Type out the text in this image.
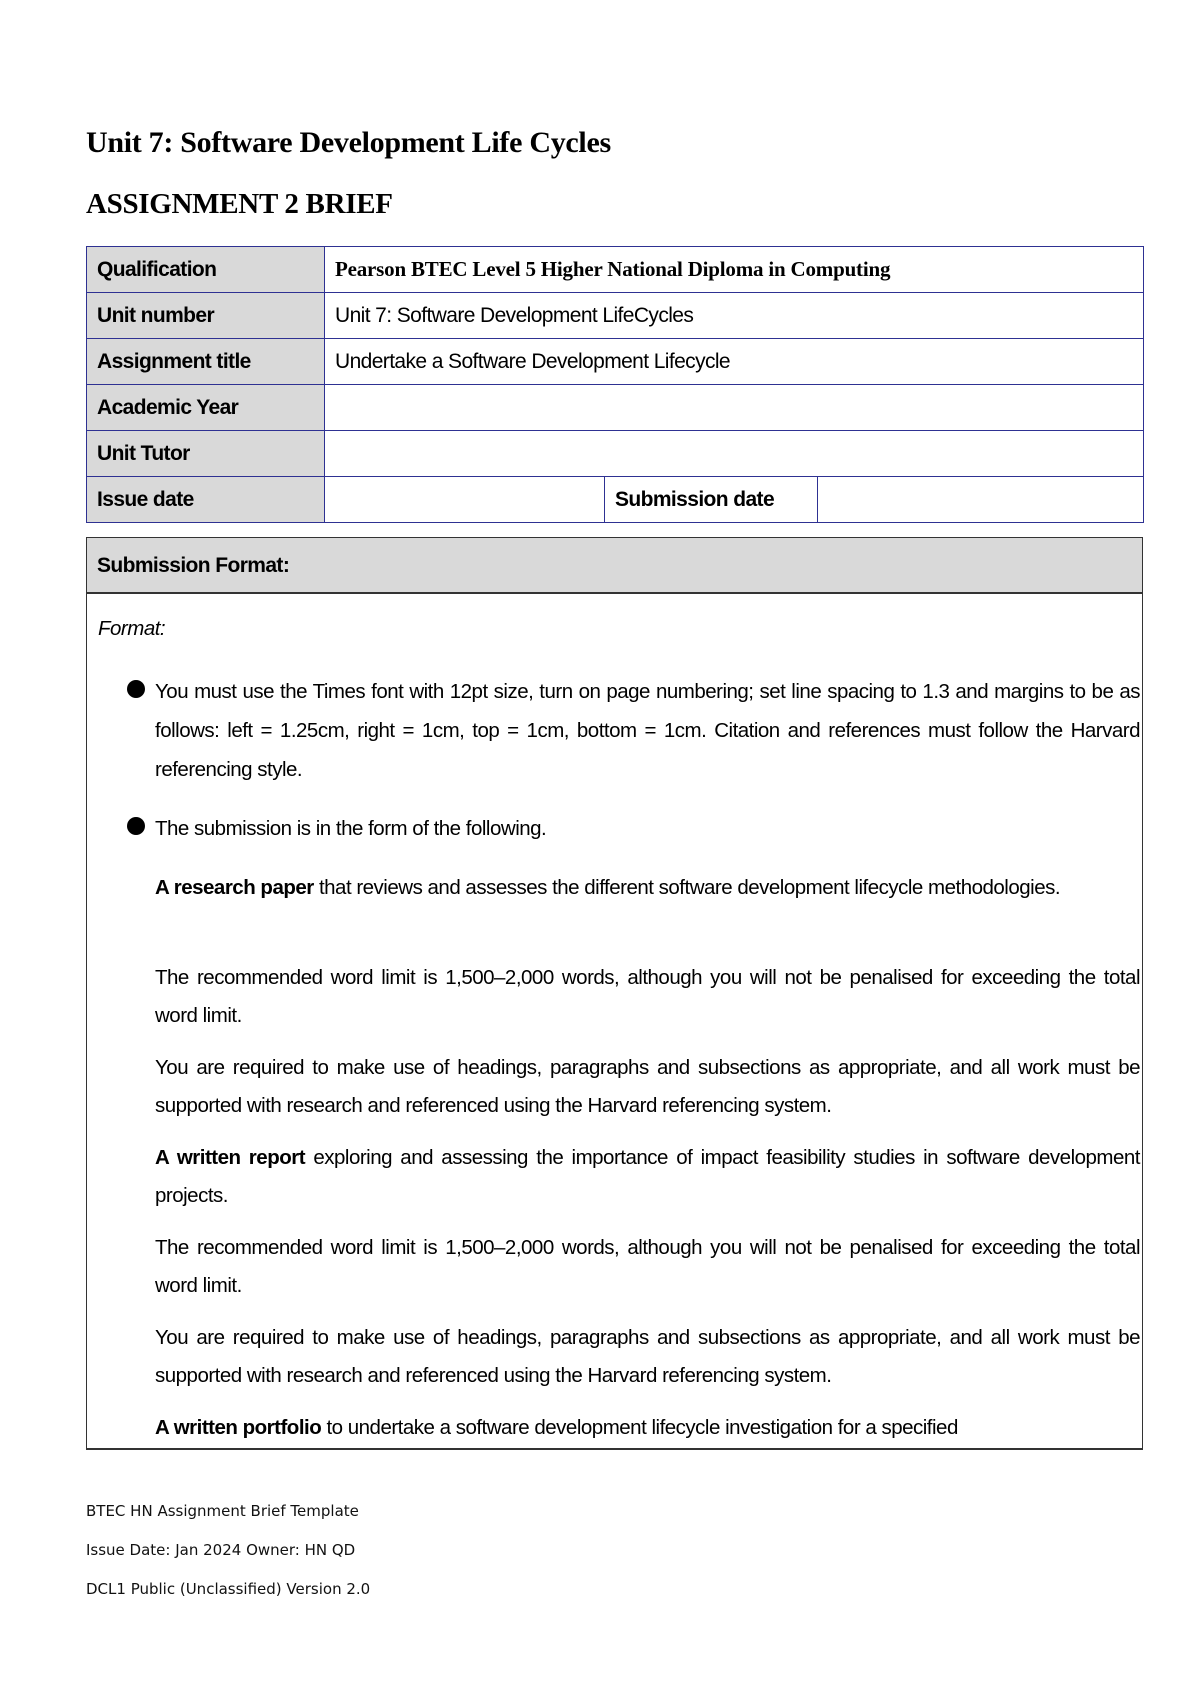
Unit 7: Software Development Life Cycles
ASSIGNMENT 2 BRIEF
Qualification	Pearson BTEC Level 5 Higher National Diploma in Computing		
Unit number	Unit 7: Software Development LifeCycles		
Assignment title	Undertake a Software Development Lifecycle		
Academic Year			
Unit Tutor			
Issue date		Submission date	
Submission Format:
Format:
You must use the Times font with 12pt size, turn on page numbering; set line spacing to 1.3 and margins to be as follows: left = 1.25cm, right = 1cm, top = 1cm, bottom = 1cm. Citation and references must follow the Harvard referencing style.
The submission is in the form of the following.
A research paper that reviews and assesses the different software development lifecycle methodologies.
The recommended word limit is 1,500–2,000 words, although you will not be penalised for exceeding the total word limit.
You are required to make use of headings, paragraphs and subsections as appropriate, and all work must be supported with research and referenced using the Harvard referencing system.
A written report exploring and assessing the importance of impact feasibility studies in software development projects.
The recommended word limit is 1,500–2,000 words, although you will not be penalised for exceeding the total word limit.
You are required to make use of headings, paragraphs and subsections as appropriate, and all work must be supported with research and referenced using the Harvard referencing system.
A written portfolio to undertake a software development lifecycle investigation for a specified
BTEC HN Assignment Brief Template
Issue Date: Jan 2024 Owner: HN QD
DCL1 Public (Unclassified) Version 2.0
